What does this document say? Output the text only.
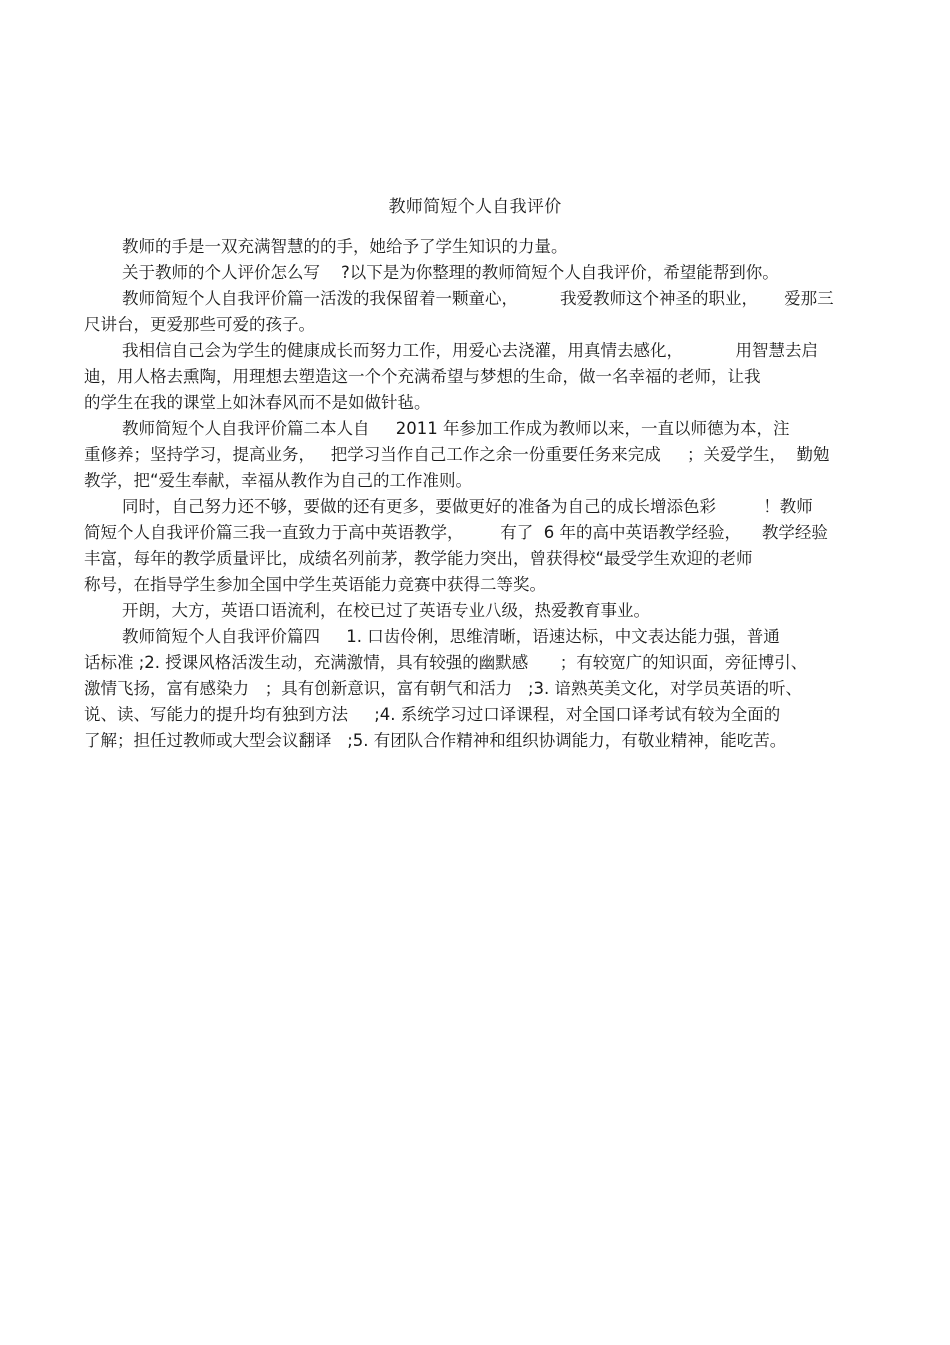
教师简短个人自我评价
教师的手是一双充满智慧的的手，她给予了学生知识的力量。
关于教师的个人评价怎么写    ?以下是为你整理的教师简短个人自我评价，希望能帮到你。
教师简短个人自我评价篇一活泼的我保留着一颗童心，        我爱教师这个神圣的职业，     爱那三
尺讲台，更爱那些可爱的孩子。
我相信自己会为学生的健康成长而努力工作，用爱心去浇灌，用真情去感化，          用智慧去启
迪，用人格去熏陶，用理想去塑造这一个个充满希望与梦想的生命，做一名幸福的老师，让我
的学生在我的课堂上如沐春风而不是如做针毡。
教师简短个人自我评价篇二本人自     2011 年参加工作成为教师以来，一直以师德为本，注
重修养；坚持学习，提高业务，   把学习当作自己工作之余一份重要任务来完成     ；关爱学生，  勤勉
教学，把“爱生奉献，幸福从教作为自己的工作准则。
同时，自己努力还不够，要做的还有更多，要做更好的准备为自己的成长增添色彩         ！教师
简短个人自我评价篇三我一直致力于高中英语教学，       有了  6 年的高中英语教学经验，    教学经验
丰富，每年的教学质量评比，成绩名列前茅，教学能力突出，曾获得校“最受学生欢迎的老师
称号，在指导学生参加全国中学生英语能力竞赛中获得二等奖。
开朗，大方，英语口语流利，在校已过了英语专业八级，热爱教育事业。
教师简短个人自我评价篇四     1. 口齿伶俐，思维清晰，语速达标，中文表达能力强，普通
话标准 ;2. 授课风格活泼生动，充满激情，具有较强的幽默感      ；有较宽广的知识面，旁征博引、
激情飞扬，富有感染力   ；具有创新意识，富有朝气和活力   ;3. 谙熟英美文化，对学员英语的听、
说、读、写能力的提升均有独到方法     ;4. 系统学习过口译课程，对全国口译考试有较为全面的
了解；担任过教师或大型会议翻译   ;5. 有团队合作精神和组织协调能力，有敬业精神，能吃苦。
